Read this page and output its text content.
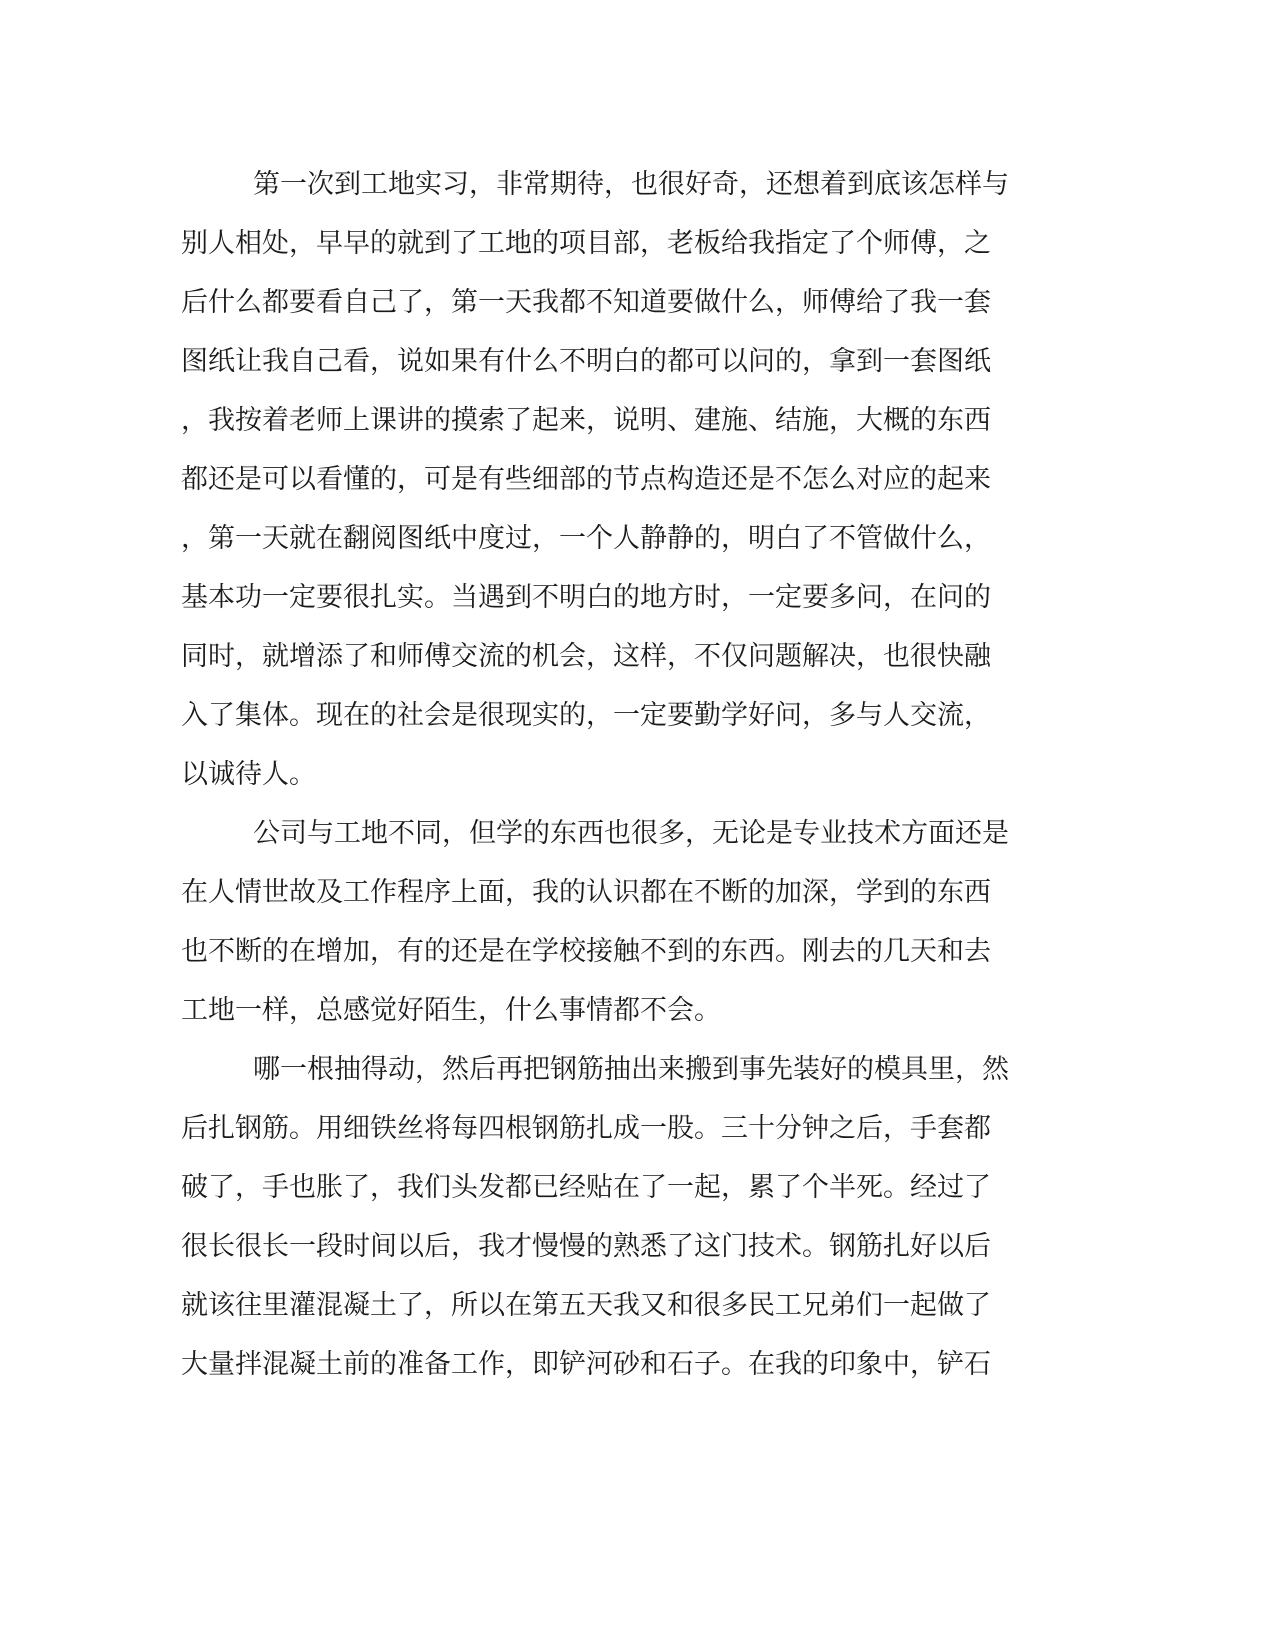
第一次到工地实习，非常期待，也很好奇，还想着到底该怎样与
别人相处，早早的就到了工地的项目部，老板给我指定了个师傅，之
后什么都要看自己了，第一天我都不知道要做什么，师傅给了我一套
图纸让我自己看，说如果有什么不明白的都可以问的，拿到一套图纸
，我按着老师上课讲的摸索了起来，说明、建施、结施，大概的东西
都还是可以看懂的，可是有些细部的节点构造还是不怎么对应的起来
，第一天就在翻阅图纸中度过，一个人静静的，明白了不管做什么，
基本功一定要很扎实。当遇到不明白的地方时，一定要多问，在问的
同时，就增添了和师傅交流的机会，这样，不仅问题解决，也很快融
入了集体。现在的社会是很现实的，一定要勤学好问，多与人交流，
以诚待人。
公司与工地不同，但学的东西也很多，无论是专业技术方面还是
在人情世故及工作程序上面，我的认识都在不断的加深，学到的东西
也不断的在增加，有的还是在学校接触不到的东西。刚去的几天和去
工地一样，总感觉好陌生，什么事情都不会。
哪一根抽得动，然后再把钢筋抽出来搬到事先装好的模具里，然
后扎钢筋。用细铁丝将每四根钢筋扎成一股。三十分钟之后，手套都
破了，手也胀了，我们头发都已经贴在了一起，累了个半死。经过了
很长很长一段时间以后，我才慢慢的熟悉了这门技术。钢筋扎好以后
就该往里灌混凝土了，所以在第五天我又和很多民工兄弟们一起做了
大量拌混凝土前的准备工作，即铲河砂和石子。在我的印象中，铲石
